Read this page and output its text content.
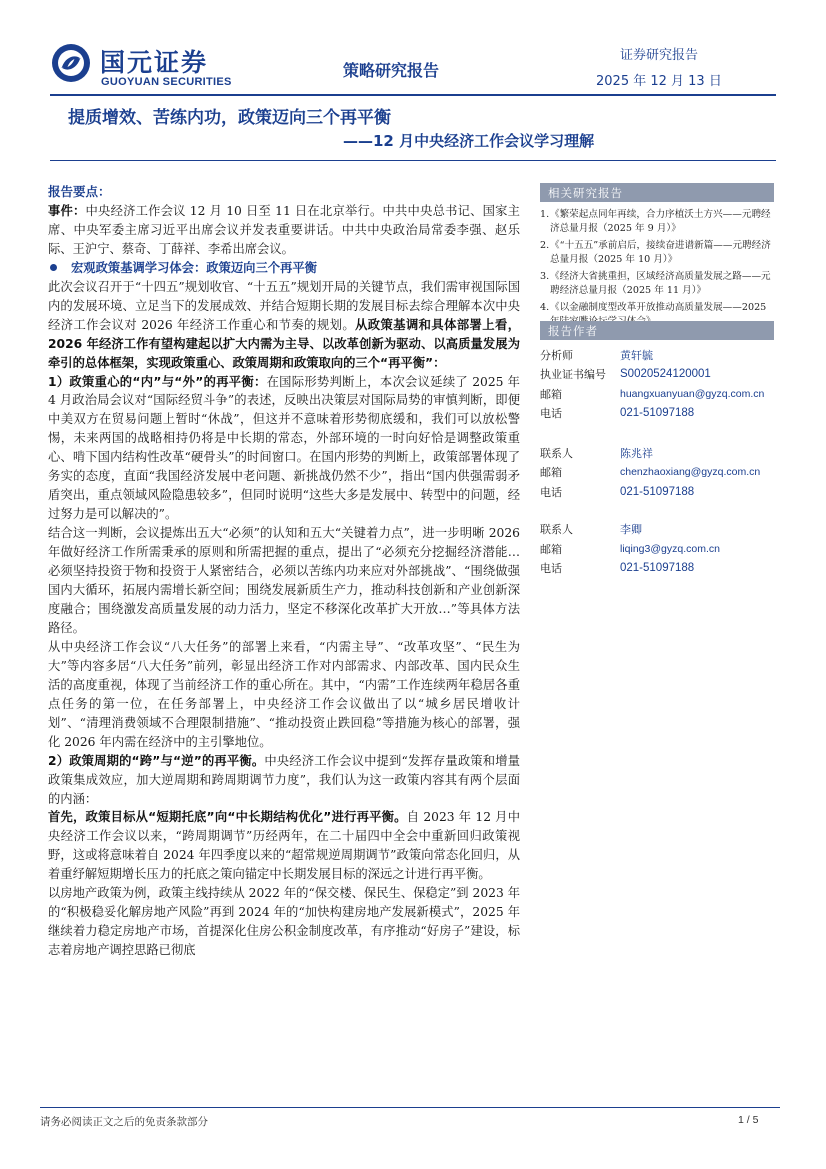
国元证券
GUOYUAN SECURITIES
策略研究报告
证券研究报告
2025 年 12 月 13 日
提质增效、苦练内功，政策迈向三个再平衡
——12 月中央经济工作会议学习理解

报告要点：

事件：中央经济工作会议 12 月 10 日至 11 日在北京举行。中共中央总书记、国家主席、中央军委主席习近平出席会议并发表重要讲话。中共中央政治局常委李强、赵乐际、王沪宁、蔡奇、丁薛祥、李希出席会议。

宏观政策基调学习体会：政策迈向三个再平衡

此次会议召开于“十四五”规划收官、“十五五”规划开局的关键节点，我们需审视国际国内的发展环境、立足当下的发展成效、并结合短期长期的发展目标去综合理解本次中央经济工作会议对 2026 年经济工作重心和节奏的规划。从政策基调和具体部署上看，2026 年经济工作有望构建起以扩大内需为主导、以改革创新为驱动、以高质量发展为牵引的总体框架，实现政策重心、政策周期和政策取向的三个“再平衡”：

1）政策重心的“内”与“外”的再平衡：在国际形势判断上，本次会议延续了 2025 年 4 月政治局会议对“国际经贸斗争”的表述，反映出决策层对国际局势的审慎判断，即便中美双方在贸易问题上暂时“休战”，但这并不意味着形势彻底缓和，我们可以放松警惕，未来两国的战略相持仍将是中长期的常态，外部环境的一时向好恰是调整政策重心、啃下国内结构性改革“硬骨头”的时间窗口。在国内形势的判断上，政策部署体现了务实的态度，直面“我国经济发展中老问题、新挑战仍然不少”，指出“国内供强需弱矛盾突出，重点领域风险隐患较多”，但同时说明“这些大多是发展中、转型中的问题，经过努力是可以解决的”。

结合这一判断，会议提炼出五大“必须”的认知和五大“关键着力点”，进一步明晰 2026 年做好经济工作所需秉承的原则和所需把握的重点，提出了“必须充分挖掘经济潜能…必须坚持投资于物和投资于人紧密结合，必须以苦练内功来应对外部挑战”、“围绕做强国内大循环，拓展内需增长新空间；围绕发展新质生产力，推动科技创新和产业创新深度融合；围绕激发高质量发展的动力活力，坚定不移深化改革扩大开放…”等具体方法路径。

从中央经济工作会议“八大任务”的部署上来看，“内需主导”、“改革攻坚”、“民生为大”等内容多居“八大任务”前列，彰显出经济工作对内部需求、内部改革、国内民众生活的高度重视，体现了当前经济工作的重心所在。其中，“内需”工作连续两年稳居各重点任务的第一位，在任务部署上，中央经济工作会议做出了以“城乡居民增收计划”、“清理消费领域不合理限制措施”、“推动投资止跌回稳”等措施为核心的部署，强化 2026 年内需在经济中的主引擎地位。

2）政策周期的“跨”与“逆”的再平衡。中央经济工作会议中提到“发挥存量政策和增量政策集成效应，加大逆周期和跨周期调节力度”，我们认为这一政策内容其有两个层面的内涵：

首先，政策目标从“短期托底”向“中长期结构优化”进行再平衡。自 2023 年 12 月中央经济工作会议以来，“跨周期调节”历经两年，在二十届四中全会中重新回归政策视野，这或将意味着自 2024 年四季度以来的“超常规逆周期调节”政策向常态化回归，从着重纾解短期增长压力的托底之策向锚定中长期发展目标的深远之计进行再平衡。

以房地产政策为例，政策主线持续从 2022 年的“保交楼、保民生、保稳定”到 2023 年的“积极稳妥化解房地产风险”再到 2024 年的“加快构建房地产发展新模式”，2025 年继续着力稳定房地产市场，首提深化住房公积金制度改革，有序推动“好房子”建设，标志着房地产调控思路已彻底

相关研究报告
1. 《繁荣起点同年再续，合力序植沃土方兴——元聘经济总量月报（2025 年 9 月）》
2. 《“十五五”承前启后，接续奋进谱新篇——元聘经济总量月报（2025 年 10 月）》
3. 《经济大省挑重担，区域经济高质量发展之路——元聘经济总量月报（2025 年 11 月）》
4. 《以金融制度型改革开放推动高质量发展——2025
报告作者
分析师	黄轩毓
执业证书编号	S0020524120001
邮箱	huangxuanyuan@gyzq.com.cn
电话	021-51097188
联系人	陈兆祥
邮箱	chenzhaoxiang@gyzq.com.cn
电话	021-51097188
联系人	李卿
邮箱	liqing3@gyzq.com.cn
电话	021-51097188
请务必阅读正文之后的免责条款部分	1 / 5
